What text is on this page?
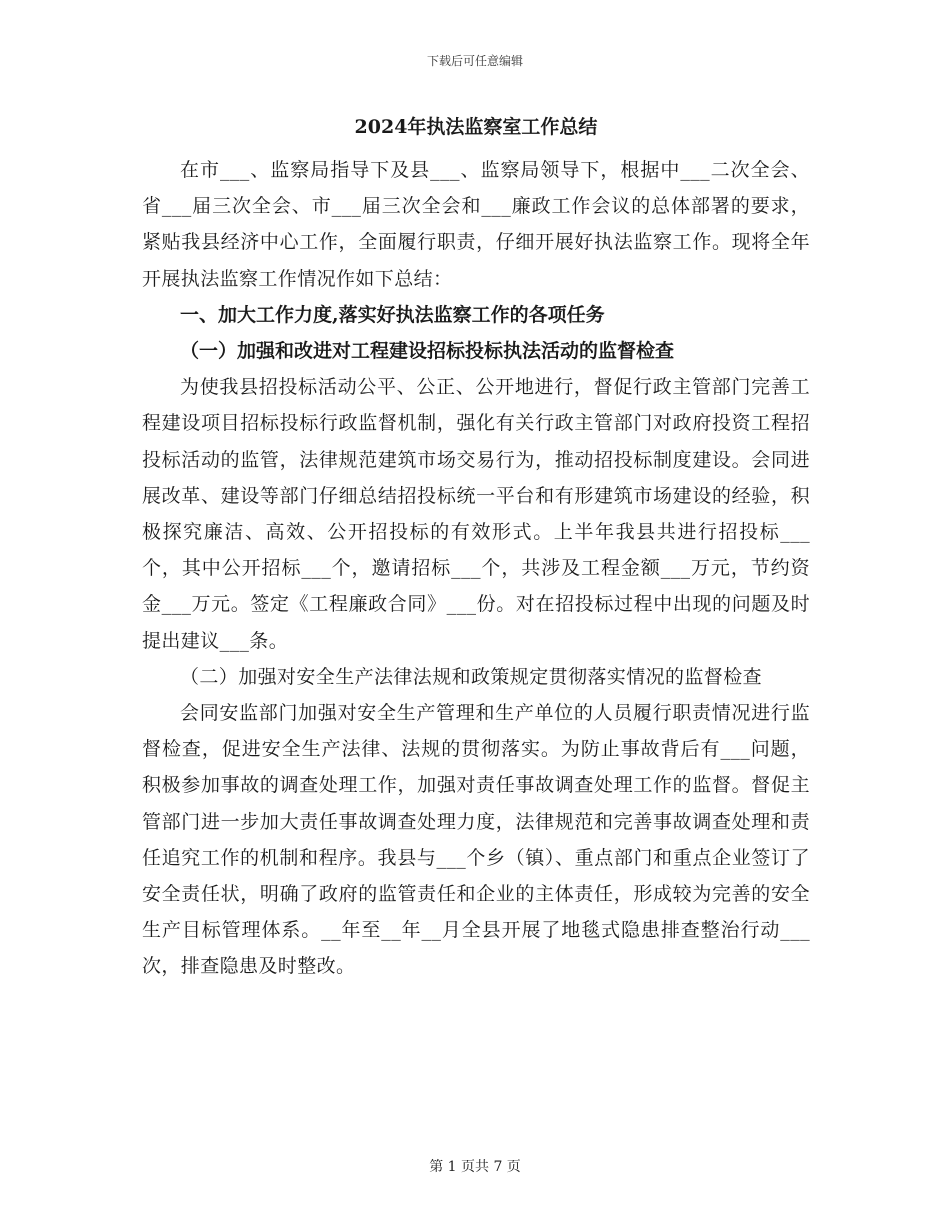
下载后可任意编辑
2024年执法监察室工作总结

在市___、监察局指导下及县___、监察局领导下，根据中___二次全会、省___届三次全会、市___届三次全会和___廉政工作会议的总体部署的要求，紧贴我县经济中心工作，全面履行职责，仔细开展好执法监察工作。现将全年开展执法监察工作情况作如下总结：

一、加大工作力度,落实好执法监察工作的各项任务

（一）加强和改进对工程建设招标投标执法活动的监督检查

为使我县招投标活动公平、公正、公开地进行，督促行政主管部门完善工程建设项目招标投标行政监督机制，强化有关行政主管部门对政府投资工程招投标活动的监管，法律规范建筑市场交易行为，推动招投标制度建设。会同进展改革、建设等部门仔细总结招投标统一平台和有形建筑市场建设的经验，积极探究廉洁、高效、公开招投标的有效形式。上半年我县共进行招投标___个，其中公开招标___个，邀请招标___个，共涉及工程金额___万元，节约资金___万元。签定《工程廉政合同》___份。对在招投标过程中出现的问题及时提出建议___条。

（二）加强对安全生产法律法规和政策规定贯彻落实情况的监督检查

会同安监部门加强对安全生产管理和生产单位的人员履行职责情况进行监督检查，促进安全生产法律、法规的贯彻落实。为防止事故背后有___问题，积极参加事故的调查处理工作，加强对责任事故调查处理工作的监督。督促主管部门进一步加大责任事故调查处理力度，法律规范和完善事故调查处理和责任追究工作的机制和程序。我县与___个乡（镇）、重点部门和重点企业签订了安全责任状，明确了政府的监管责任和企业的主体责任，形成较为完善的安全生产目标管理体系。__年至__年__月全县开展了地毯式隐患排查整治行动___次，排查隐患及时整改。

第 1 页共 7 页
